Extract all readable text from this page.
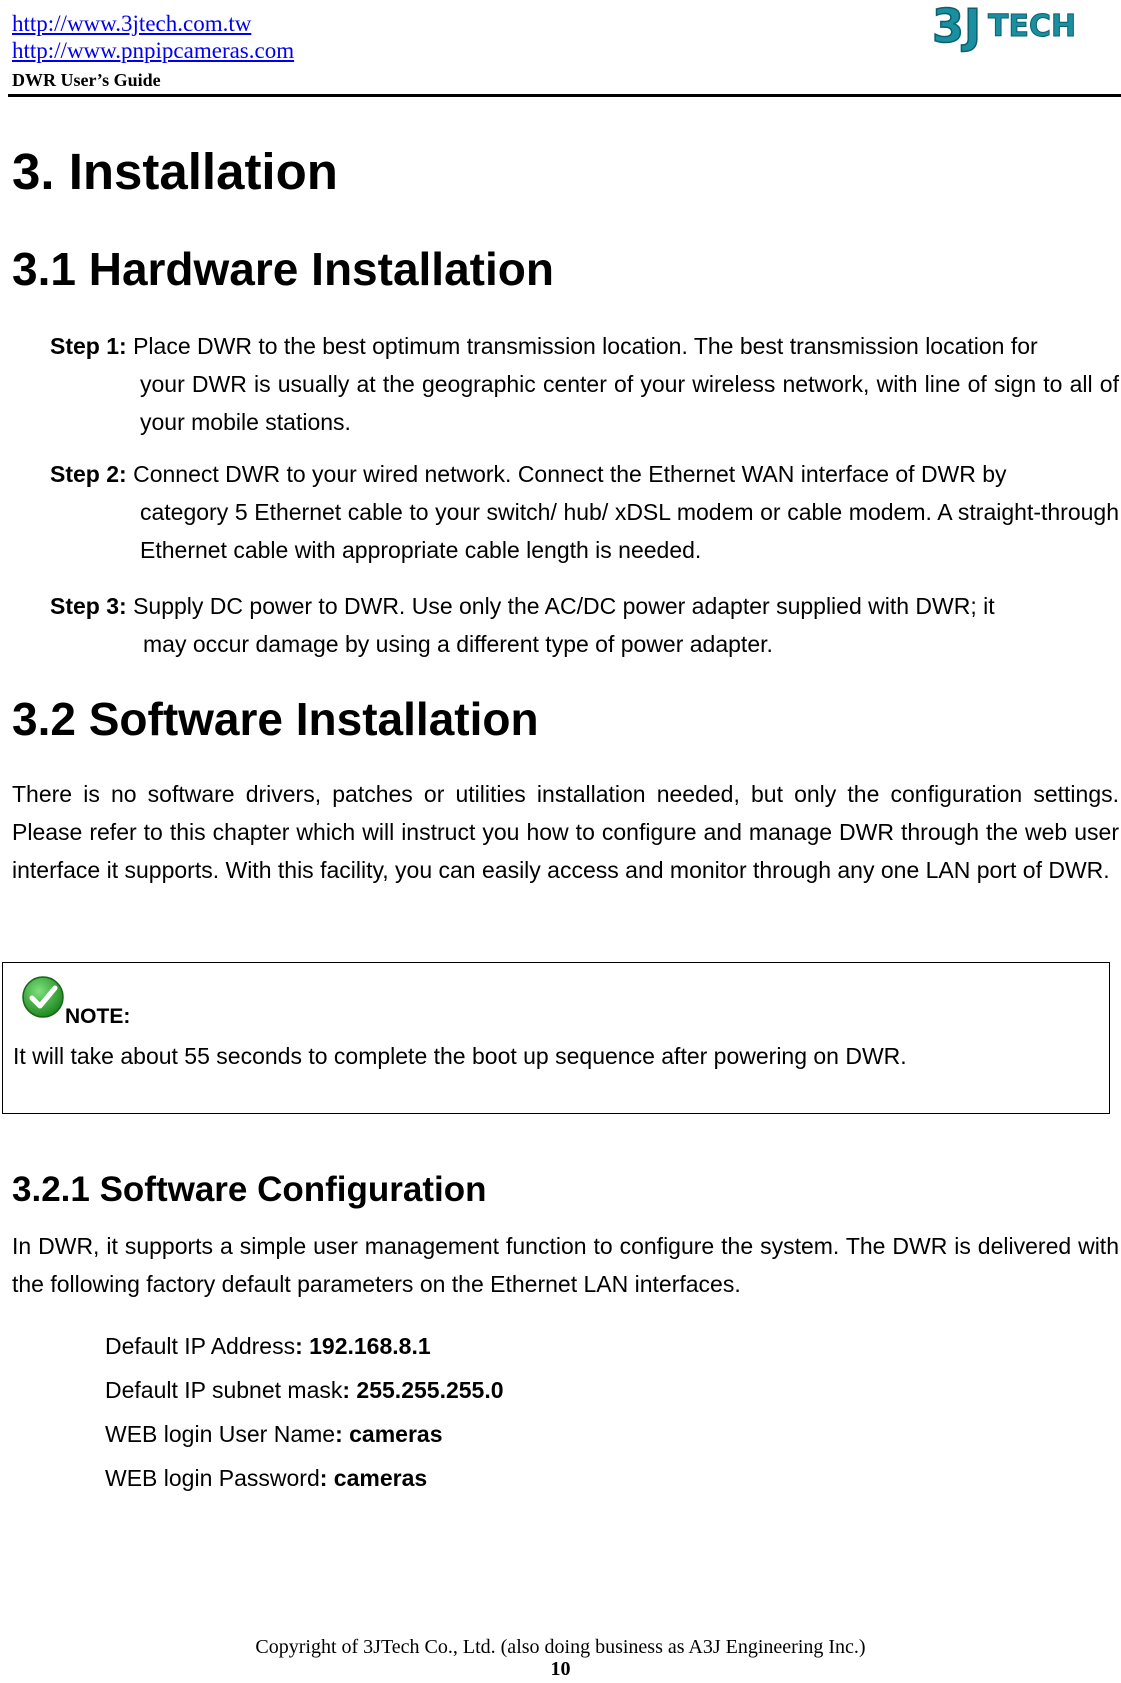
http://www.3jtech.com.tw
http://www.pnpipcameras.com
DWR User’s Guide
3J TECH
3. Installation
3.1 Hardware Installation
Step 1: Place DWR to the best optimum transmission location. The best transmission location for
your DWR is usually at the geographic center of your wireless network, with line of sign to all of your mobile stations.
Step 2: Connect DWR to your wired network. Connect the Ethernet WAN interface of DWR by
category 5 Ethernet cable to your switch/ hub/ xDSL modem or cable modem. A straight-through Ethernet cable with appropriate cable length is needed.
Step 3: Supply DC power to DWR. Use only the AC/DC power adapter supplied with DWR; it
may occur damage by using a different type of power adapter.
3.2 Software Installation
There is no software drivers, patches or utilities installation needed, but only the configuration settings. Please refer to this chapter which will instruct you how to configure and manage DWR through the web user interface it supports. With this facility, you can easily access and monitor through any one LAN port of DWR.
NOTE:
It will take about 55 seconds to complete the boot up sequence after powering on DWR.
3.2.1 Software Configuration
In DWR, it supports a simple user management function to configure the system. The DWR is delivered with the following factory default parameters on the Ethernet LAN interfaces.
Default IP Address: 192.168.8.1
Default IP subnet mask: 255.255.255.0
WEB login User Name: cameras
WEB login Password: cameras
Copyright of 3JTech Co., Ltd. (also doing business as A3J Engineering Inc.)
10
